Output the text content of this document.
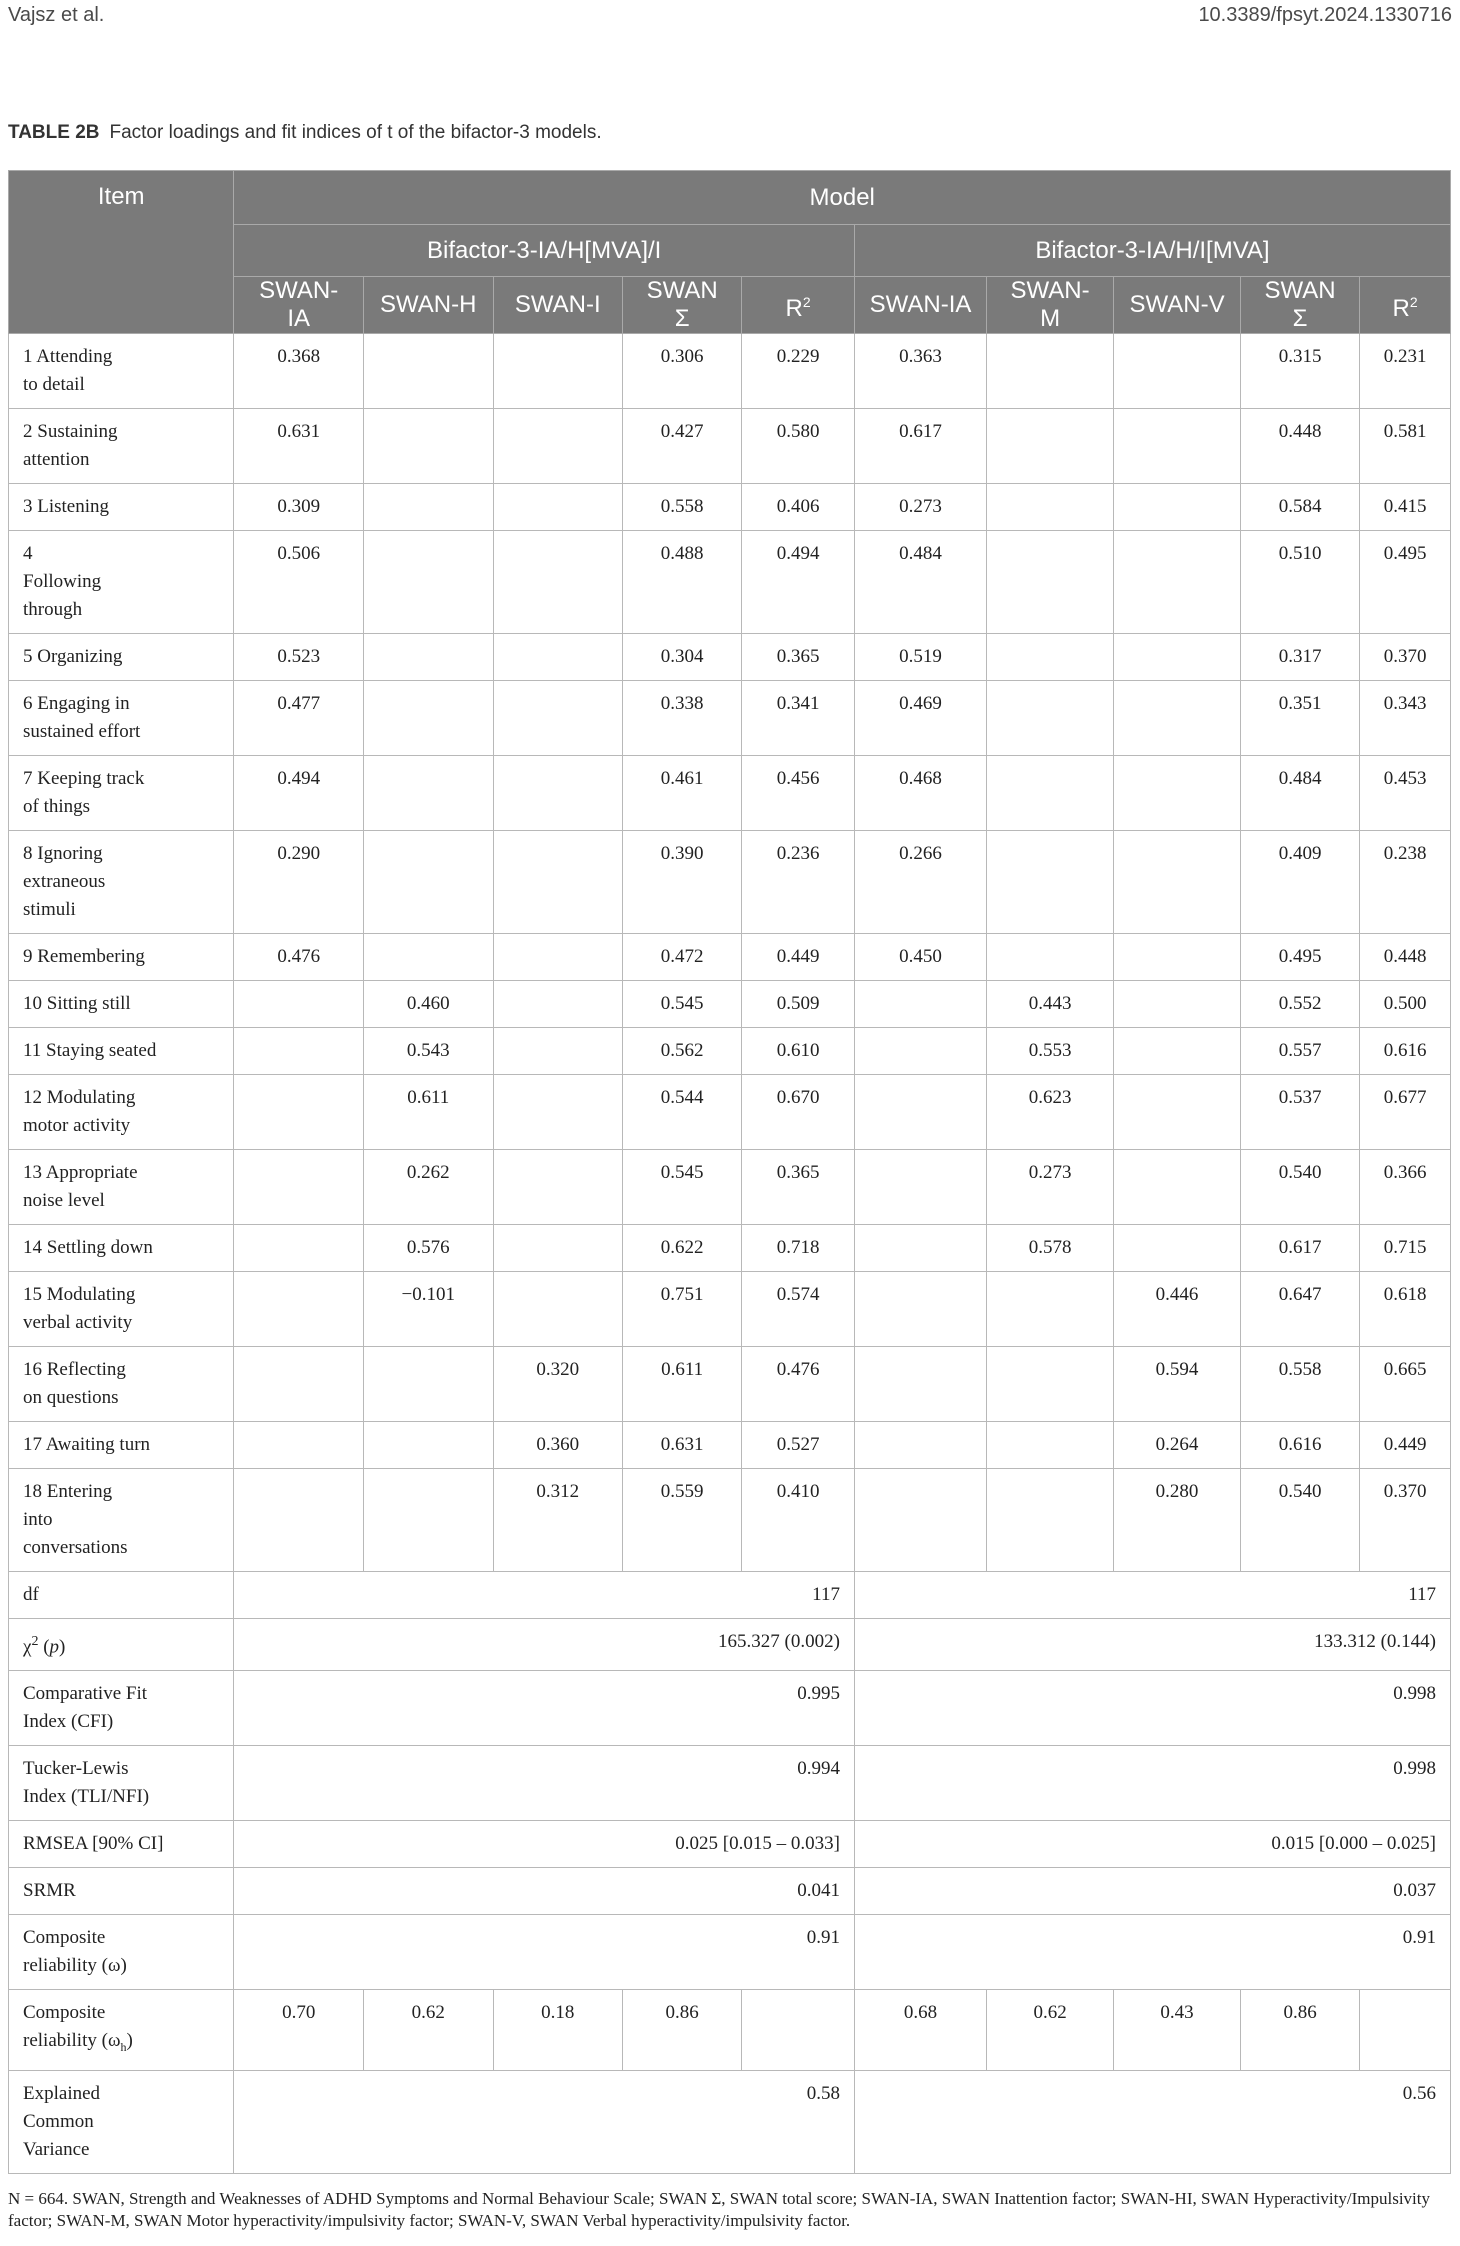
Vajsz et al.	10.3389/fpsyt.2024.1330716
TABLE 2B Factor loadings and fit indices of t of the bifactor-3 models.
Item	Model									
	Bifactor-3-IA/H[MVA]/I					Bifactor-3-IA/H/I[MVA]				
	SWAN-IA	SWAN-H	SWAN-I	SWAN Σ	$R^2$	SWAN-IA	SWAN-M	SWAN-V	SWAN Σ	$R^2$
1 Attending
to detail	0.368			0.306	0.229	0.363			0.315	0.231
2 Sustaining
attention	0.631			0.427	0.580	0.617			0.448	0.581
3 Listening	0.309			0.558	0.406	0.273			0.584	0.415
4
Following
through	0.506			0.488	0.494	0.484			0.510	0.495
5 Organizing	0.523			0.304	0.365	0.519			0.317	0.370
6 Engaging in
sustained effort	0.477			0.338	0.341	0.469			0.351	0.343
7 Keeping track
of things	0.494			0.461	0.456	0.468			0.484	0.453
8 Ignoring
extraneous
stimuli	0.290			0.390	0.236	0.266			0.409	0.238
9 Remembering	0.476			0.472	0.449	0.450			0.495	0.448
10 Sitting still		0.460		0.545	0.509		0.443		0.552	0.500
11 Staying seated		0.543		0.562	0.610		0.553		0.557	0.616
12 Modulating
motor activity		0.611		0.544	0.670		0.623		0.537	0.677
13 Appropriate
noise level		0.262		0.545	0.365		0.273		0.540	0.366
14 Settling down		0.576		0.622	0.718		0.578		0.617	0.715
15 Modulating
verbal activity		−0.101		0.751	0.574			0.446	0.647	0.618
16 Reflecting
on questions			0.320	0.611	0.476			0.594	0.558	0.665
17 Awaiting turn			0.360	0.631	0.527			0.264	0.616	0.449
18 Entering
into
conversations			0.312	0.559	0.410			0.280	0.540	0.370
df	117					117				
$\chi^2$ (p)	165.327 (0.002)					133.312 (0.144)				
Comparative Fit
Index (CFI)	0.995					0.998				
Tucker-Lewis
Index (TLI/NFI)	0.994					0.998				
RMSEA [90% CI]	0.025 [0.015 – 0.033]					0.015 [0.000 – 0.025]				
SRMR	0.041					0.037				
Composite
reliability (ω)	0.91					0.91				
Composite
reliability $(\omega_h)$	0.70	0.62	0.18	0.86		0.68	0.62	0.43	0.86	
Explained
Common
Variance	0.58					0.56				
N = 664. SWAN, Strength and Weaknesses of ADHD Symptoms and Normal Behaviour Scale; SWAN Σ, SWAN total score; SWAN-IA, SWAN Inattention factor; SWAN-HI, SWAN Hyperactivity/Impulsivity factor; SWAN-M, SWAN Motor hyperactivity/impulsivity factor; SWAN-V, SWAN Verbal hyperactivity/impulsivity factor.
